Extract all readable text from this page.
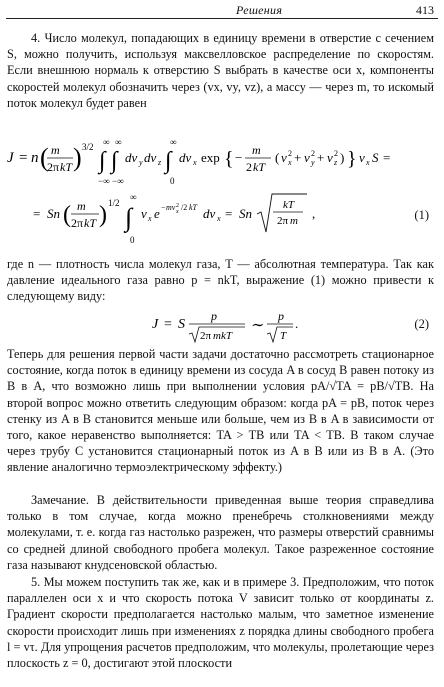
Решения	413

4. Число молекул, попадающих в единицу времени в отверстие с сечением S, можно получить, используя максвелловское распределение по скоростям. Если внешнюю нормаль к отверстию S выбрать в качестве оси x, компоненты скоростей молекул обозначить через (vx, vy, vz), а массу — через m, то искомый поток молекул будет равен

J = n ( m
2π kT ) 3/2
∫
∞
−∞
∫
∞
−∞
dv y dv z ∫
∞
0
dv x exp { − m
2 kT
( v 2
x + v 2
y + v 2
z ) } v x S =
= Sn ( m
2π kT ) 1/2 ∫
∞
0
v x e − mv 2
x /2 kT dv x = Sn
kT
2π m ,	(1)

где n — плотность числа молекул газа, T — абсолютная температура. Так как давление идеального газа равно p = nkT, выражение (1) можно привести к следующему виду:

J = S
p
2π mkT
∼
p
T
.	(2)

Теперь для решения первой части задачи достаточно рассмотреть стационарное состояние, когда поток в единицу времени из сосуда A в сосуд B равен потоку из B в A, что возможно лишь при выполнении условия pA/√TA = pB/√TB. На второй вопрос можно ответить следующим образом: когда pA = pB, поток через стенку из A в B становится меньше или больше, чем из B в A в зависимости от того, какое неравенство выполняется: TA > TB или TA < TB. В таком случае через трубу C установится стационарный поток из A в B или из B в A. (Это явление аналогично термоэлектрическому эффекту.)

Замечание. В действительности приведенная выше теория справедлива только в том случае, когда можно пренебречь столкновениями между молекулами, т. е. когда газ настолько разрежен, что размеры отверстий сравнимы со средней длиной свободного пробега молекул. Такое разреженное состояние газа называют кнудсеновской областью.

5. Мы можем поступить так же, как и в примере 3. Предположим, что поток параллелен оси x и что скорость потока V зависит только от координаты z. Градиент скорости предполагается настолько малым, что заметное изменение скорости происходит лишь при изменениях z порядка длины свободного пробега l = vτ. Для упрощения расчетов предположим, что молекулы, пролетающие через плоскость z = 0, достигают этой плоскости
